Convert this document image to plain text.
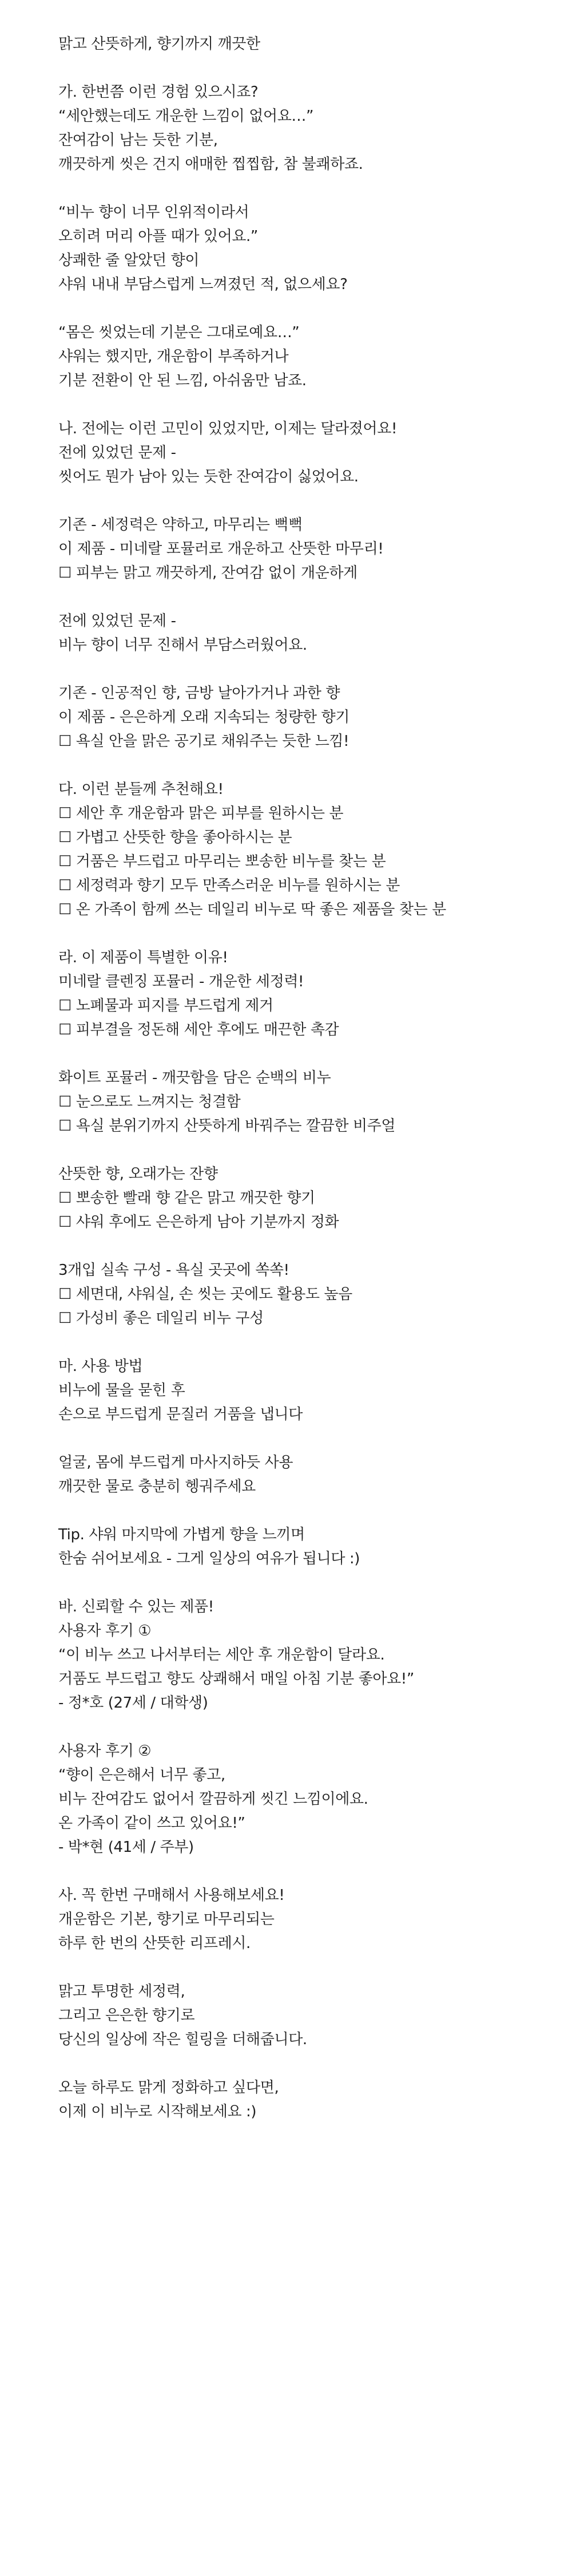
맑고 산뜻하게, 향기까지 깨끗한
가. 한번쯤 이런 경험 있으시죠?
“세안했는데도 개운한 느낌이 없어요…”
잔여감이 남는 듯한 기분,
깨끗하게 씻은 건지 애매한 찝찝함, 참 불쾌하죠.
“비누 향이 너무 인위적이라서
오히려 머리 아플 때가 있어요.”
상쾌한 줄 알았던 향이
샤워 내내 부담스럽게 느껴졌던 적, 없으세요?
“몸은 씻었는데 기분은 그대로예요…”
샤워는 했지만, 개운함이 부족하거나
기분 전환이 안 된 느낌, 아쉬움만 남죠.
나. 전에는 이런 고민이 있었지만, 이제는 달라졌어요!
전에 있었던 문제 -
씻어도 뭔가 남아 있는 듯한 잔여감이 싫었어요.
기존 - 세정력은 약하고, 마무리는 뻑뻑
이 제품 - 미네랄 포뮬러로 개운하고 산뜻한 마무리!
☐ 피부는 맑고 깨끗하게, 잔여감 없이 개운하게
전에 있었던 문제 -
비누 향이 너무 진해서 부담스러웠어요.
기존 - 인공적인 향, 금방 날아가거나 과한 향
이 제품 - 은은하게 오래 지속되는 청량한 향기
☐ 욕실 안을 맑은 공기로 채워주는 듯한 느낌!
다. 이런 분들께 추천해요!
☐ 세안 후 개운함과 맑은 피부를 원하시는 분
☐ 가볍고 산뜻한 향을 좋아하시는 분
☐ 거품은 부드럽고 마무리는 뽀송한 비누를 찾는 분
☐ 세정력과 향기 모두 만족스러운 비누를 원하시는 분
☐ 온 가족이 함께 쓰는 데일리 비누로 딱 좋은 제품을 찾는 분
라. 이 제품이 특별한 이유!
미네랄 클렌징 포뮬러 - 개운한 세정력!
☐ 노폐물과 피지를 부드럽게 제거
☐ 피부결을 정돈해 세안 후에도 매끈한 촉감
화이트 포뮬러 - 깨끗함을 담은 순백의 비누
☐ 눈으로도 느껴지는 청결함
☐ 욕실 분위기까지 산뜻하게 바꿔주는 깔끔한 비주얼
산뜻한 향, 오래가는 잔향
☐ 뽀송한 빨래 향 같은 맑고 깨끗한 향기
☐ 샤워 후에도 은은하게 남아 기분까지 정화
3개입 실속 구성 - 욕실 곳곳에 쏙쏙!
☐ 세면대, 샤워실, 손 씻는 곳에도 활용도 높음
☐ 가성비 좋은 데일리 비누 구성
마. 사용 방법
비누에 물을 묻힌 후
손으로 부드럽게 문질러 거품을 냅니다
얼굴, 몸에 부드럽게 마사지하듯 사용
깨끗한 물로 충분히 헹궈주세요
Tip. 샤워 마지막에 가볍게 향을 느끼며
한숨 쉬어보세요 - 그게 일상의 여유가 됩니다 :)
바. 신뢰할 수 있는 제품!
사용자 후기 ①
“이 비누 쓰고 나서부터는 세안 후 개운함이 달라요.
거품도 부드럽고 향도 상쾌해서 매일 아침 기분 좋아요!”
- 정*호 (27세 / 대학생)
사용자 후기 ②
“향이 은은해서 너무 좋고,
비누 잔여감도 없어서 깔끔하게 씻긴 느낌이에요.
온 가족이 같이 쓰고 있어요!”
- 박*현 (41세 / 주부)
사. 꼭 한번 구매해서 사용해보세요!
개운함은 기본, 향기로 마무리되는
하루 한 번의 산뜻한 리프레시.
맑고 투명한 세정력,
그리고 은은한 향기로
당신의 일상에 작은 힐링을 더해줍니다.
오늘 하루도 맑게 정화하고 싶다면,
이제 이 비누로 시작해보세요 :)
